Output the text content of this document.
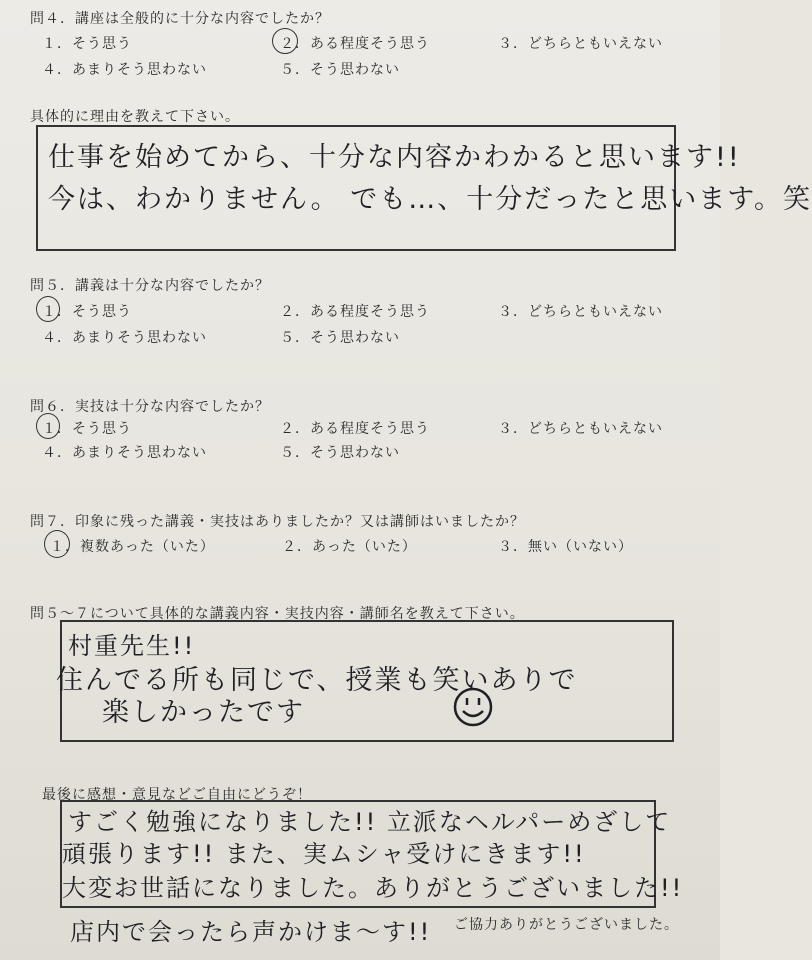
問４．講座は全般的に十分な内容でしたか？
１．そう思う	２．ある程度そう思う	３．どちらともいえない
４．あまりそう思わない	５．そう思わない
具体的に理由を教えて下さい。
仕事を始めてから、十分な内容かわかると思います!!
今は、わかりません。 でも…、十分だったと思います。笑
問５．講義は十分な内容でしたか？
１．そう思う	２．ある程度そう思う	３．どちらともいえない
４．あまりそう思わない	５．そう思わない
問６．実技は十分な内容でしたか？
１．そう思う	２．ある程度そう思う	３．どちらともいえない
４．あまりそう思わない	５．そう思わない
問７．印象に残った講義・実技はありましたか？又は講師はいましたか？
１．複数あった（いた）	２．あった（いた）	３．無い（いない）
問５～７について具体的な講義内容・実技内容・講師名を教えて下さい。
村重先生!!
住んでる所も同じで、授業も笑いありで
楽しかったです
最後に感想・意見などご自由にどうぞ！
すごく勉強になりました!! 立派なヘルパーめざして
頑張ります!! また、実ムシャ受けにきます!!
大変お世話になりました。ありがとうございました!!
店内で会ったら声かけま～す!! ご協力ありがとうございました。
